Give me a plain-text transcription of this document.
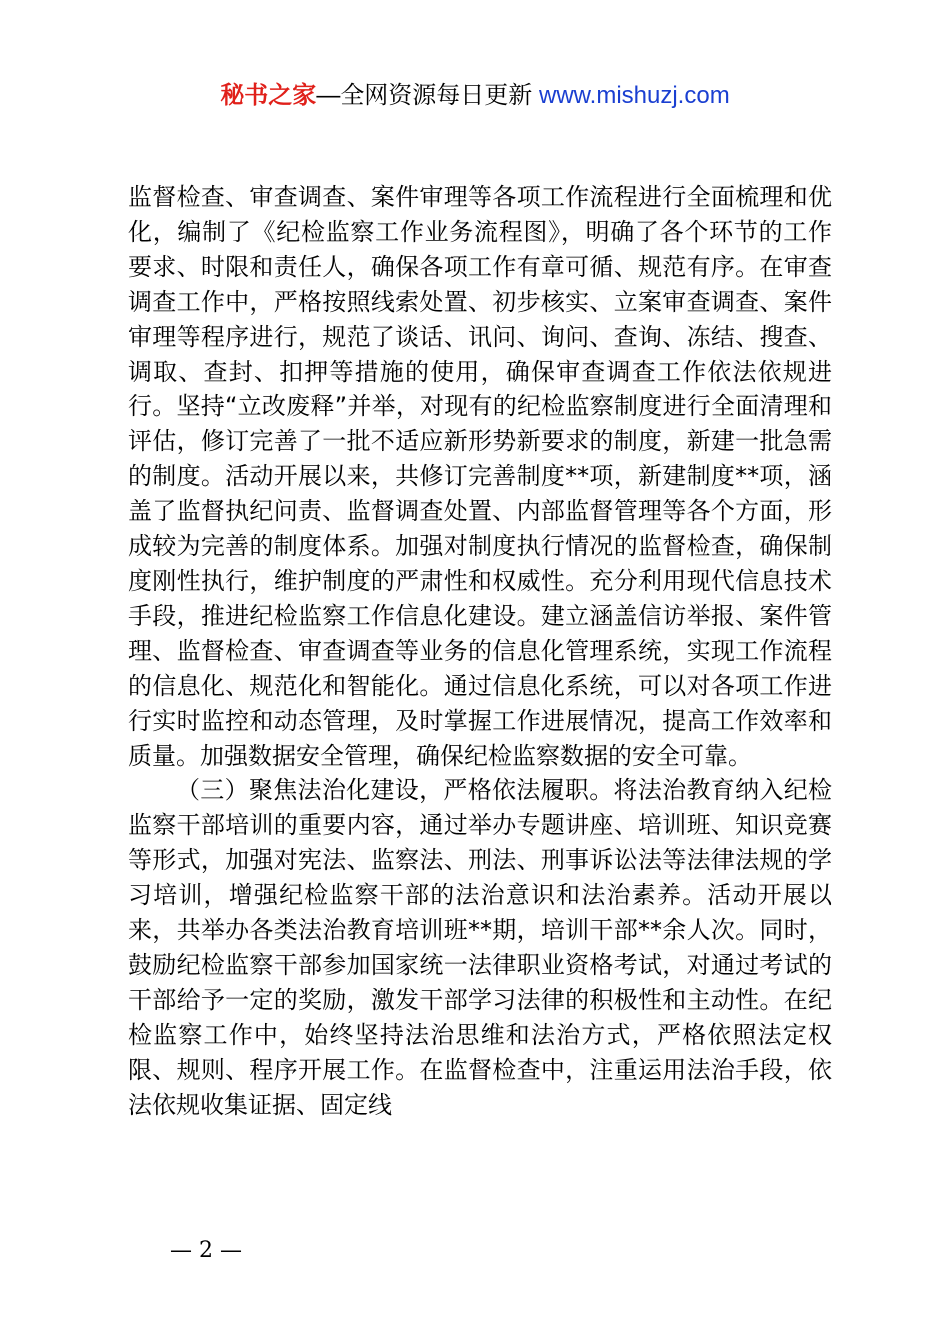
秘书之家—全网资源每日更新 www.mishuzj.com

监督检查、审查调查、案件审理等各项工作流程进行全面梳理和优化，编制了《纪检监察工作业务流程图》，明确了各个环节的工作要求、时限和责任人，确保各项工作有章可循、规范有序。在审查调查工作中，严格按照线索处置、初步核实、立案审查调查、案件审理等程序进行，规范了谈话、讯问、询问、查询、冻结、搜查、调取、查封、扣押等措施的使用，确保审查调查工作依法依规进行。坚持“立改废释”并举，对现有的纪检监察制度进行全面清理和评估，修订完善了一批不适应新形势新要求的制度，新建一批急需的制度。活动开展以来，共修订完善制度**项，新建制度**项，涵盖了监督执纪问责、监督调查处置、内部监督管理等各个方面，形成较为完善的制度体系。加强对制度执行情况的监督检查，确保制度刚性执行，维护制度的严肃性和权威性。充分利用现代信息技术手段，推进纪检监察工作信息化建设。建立涵盖信访举报、案件管理、监督检查、审查调查等业务的信息化管理系统，实现工作流程的信息化、规范化和智能化。通过信息化系统，可以对各项工作进行实时监控和动态管理，及时掌握工作进展情况，提高工作效率和质量。加强数据安全管理，确保纪检监察数据的安全可靠。

（三）聚焦法治化建设，严格依法履职。将法治教育纳入纪检监察干部培训的重要内容，通过举办专题讲座、培训班、知识竞赛等形式，加强对宪法、监察法、刑法、刑事诉讼法等法律法规的学习培训，增强纪检监察干部的法治意识和法治素养。活动开展以来，共举办各类法治教育培训班**期，培训干部**余人次。同时，鼓励纪检监察干部参加国家统一法律职业资格考试，对通过考试的干部给予一定的奖励，激发干部学习法律的积极性和主动性。在纪检监察工作中，始终坚持法治思维和法治方式，严格依照法定权限、规则、程序开展工作。在监督检查中，注重运用法治手段，依法依规收集证据、固定线

— 2 —
